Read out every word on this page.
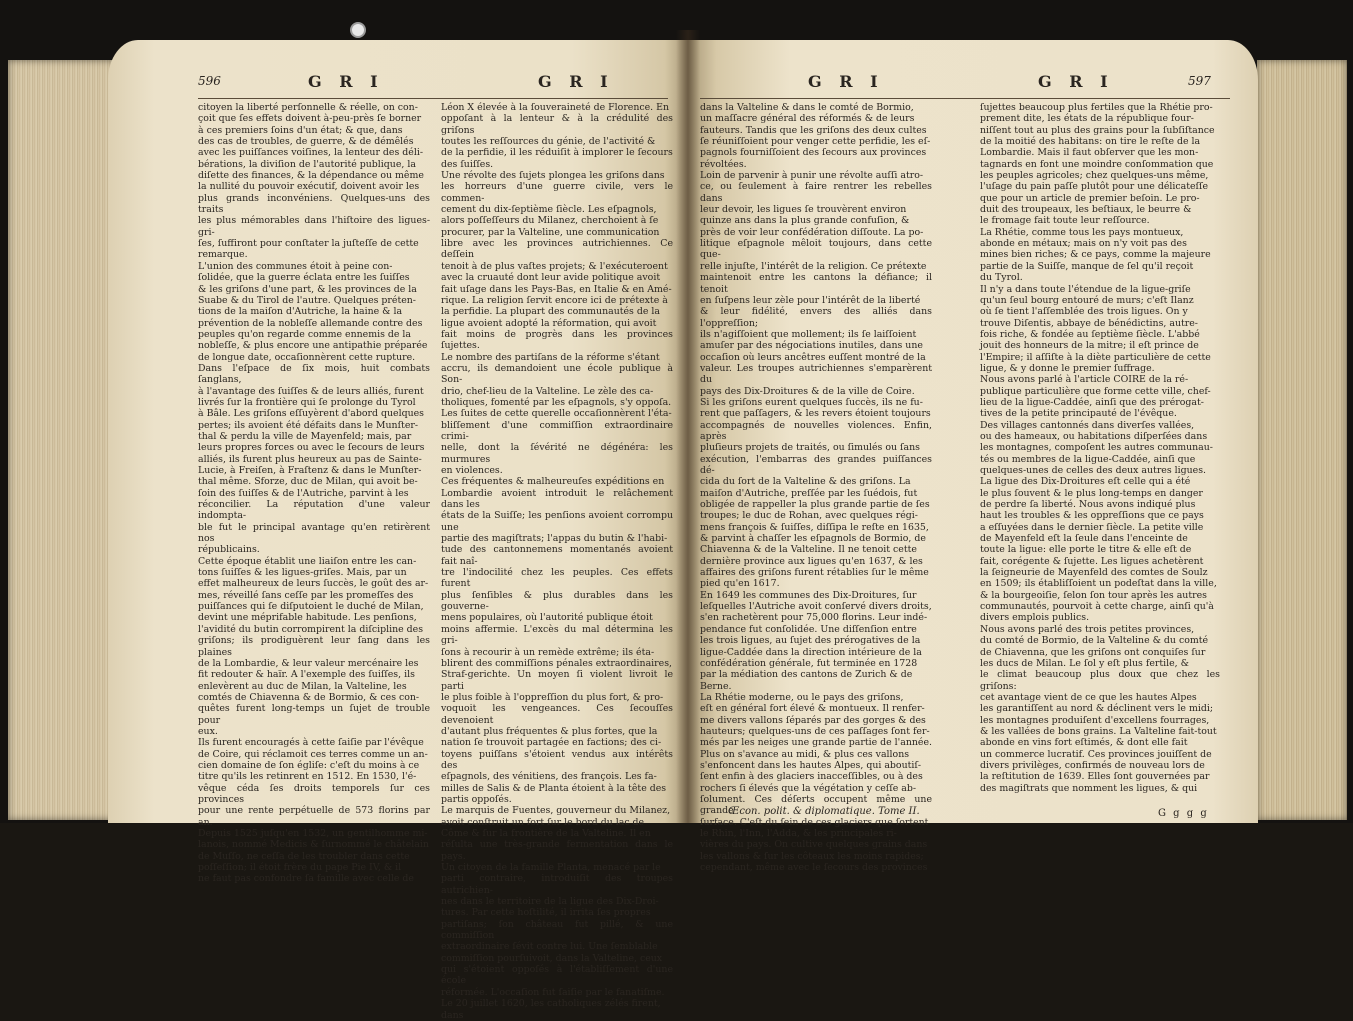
596	G R I	G R I
citoyen la liberté perſonnelle & réelle, on con-
çoit que ſes effets doivent à-peu-près ſe borner
à ces premiers ſoins d'un état; & que, dans
des cas de troubles, de guerre, & de démêlés
avec les puiſſances voiſines, la lenteur des déli-
bérations, la diviſion de l'autorité publique, la
diſette des finances, & la dépendance ou même
la nullité du pouvoir exécutif, doivent avoir les
plus grands inconvéniens. Quelques-uns des traits
les plus mémorables dans l'hiſtoire des ligues-gri-
ſes, ſuffiront pour conſtater la juſteſſe de cette
remarque.
L'union des communes étoit à peine con-
ſolidée, que la guerre éclata entre les ſuiſſes
& les griſons d'une part, & les provinces de la
Suabe & du Tirol de l'autre. Quelques préten-
tions de la maiſon d'Autriche, la haine & la
prévention de la nobleſſe allemande contre des
peuples qu'on regarde comme ennemis de la
nobleſſe, & plus encore une antipathie préparée
de longue date, occaſionnèrent cette rupture.
Dans l'eſpace de ſix mois, huit combats ſanglans,
à l'avantage des ſuiſſes & de leurs alliés, furent
livrés ſur la frontière qui ſe prolonge du Tyrol
à Bâle. Les griſons eſſuyèrent d'abord quelques
pertes; ils avoient été défaits dans le Munſter-
thal & perdu la ville de Mayenfeld; mais, par
leurs propres forces ou avec le ſecours de leurs
alliés, ils furent plus heureux au pas de Sainte-
Lucie, à Freiſen, à Fraſtenz & dans le Munſter-
thal même. Sforze, duc de Milan, qui avoit be-
ſoin des ſuiſſes & de l'Autriche, parvint à les
réconcilier. La réputation d'une valeur indompta-
ble fut le principal avantage qu'en retirèrent nos
républicains.
Cette époque établit une liaiſon entre les can-
tons ſuiſſes & les ligues-griſes. Mais, par un
effet malheureux de leurs ſuccès, le goût des ar-
mes, réveillé ſans ceſſe par les promeſſes des
puiſſances qui ſe diſputoient le duché de Milan,
devint une méprifable habitude. Les penſions,
l'avidité du butin corrompirent la diſcipline des
griſons; ils prodiguèrent leur ſang dans les plaines
de la Lombardie, & leur valeur mercénaire les
fit redouter & haïr. A l'exemple des ſuiſſes, ils
enlevèrent au duc de Milan, la Valteline, les
comtés de Chiavenna & de Bormio, & ces con-
quêtes furent long-temps un ſujet de trouble pour
eux.
Ils furent encouragés à cette ſaiſie par l'évêque
de Coire, qui réclamoit ces terres comme un an-
cien domaine de ſon égliſe: c'eſt du moins à ce
titre qu'ils les retinrent en 1512. En 1530, l'é-
vêque céda ſes droits temporels ſur ces provinces
pour une rente perpétuelle de 573 florins par an.
Depuis 1525 juſqu'en 1532, un gentilhomme mi-
lanois, nommé Medicis & ſurnommé le châtelain
de Muſſo, ne ceſſa de les troubler dans cette
poſſeſſion; il étoit frère du pape Pie IV, & il
ne faut pas confondre ſa famille avec celle de
Léon X élevée à la ſouveraineté de Florence. En
oppoſant à la lenteur & à la crédulité des griſons
toutes les reſſources du génie, de l'activité &
de la perfidie, il les réduiſit à implorer le ſecours
des ſuiſſes.
Une révolte des ſujets plongea les griſons dans
les horreurs d'une guerre civile, vers le commen-
cement du dix-ſeptième ſiècle. Les eſpagnols,
alors poſſeſſeurs du Milanez, cherchoient à ſe
procurer, par la Valteline, une communication
libre avec les provinces autrichiennes. Ce deſſein
tenoit à de plus vaſtes projets; & l'exécuteroent
avec la cruauté dont leur avide politique avoit
fait uſage dans les Pays-Bas, en Italie & en Amé-
rique. La religion ſervit encore ici de prétexte à
la perfidie. La plupart des communautés de la
ligue avoient adopté la réformation, qui avoit
fait moins de progrès dans les provinces ſujettes.
Le nombre des partiſans de la réforme s'étant
accru, ils demandoient une école publique à Son-
drio, chef-lieu de la Valteline. Le zèle des ca-
tholiques, fomenté par les eſpagnols, s'y oppoſa.
Les ſuites de cette querelle occaſionnèrent l'éta-
bliſſement d'une commiſſion extraordinaire crimi-
nelle, dont la ſévérité ne dégénéra: les murmures
en violences.
Ces fréquentes & malheureuſes expéditions en
Lombardie avoient introduit le relâchement dans les
états de la Suiſſe; les penſions avoient corrompu une
partie des magiſtrats; l'appas du butin & l'habi-
tude des cantonnemens momentanés avoient fait naî-
tre l'indocilité chez les peuples. Ces effets furent
plus ſenſibles & plus durables dans les gouverne-
mens populaires, où l'autorité publique étoit
moins affermie. L'excès du mal détermina les gri-
ſons à recourir à un remède extrême; ils éta-
blirent des commiſſions pénales extraordinaires,
Straf-gerichte. Un moyen ſi violent livroit le parti
le plus foible à l'oppreſſion du plus fort, & pro-
voquoit les vengeances. Ces ſecouſſes devenoient
d'autant plus fréquentes & plus fortes, que la
nation ſe trouvoit partagée en factions; des ci-
toyens puiſſans s'étoient vendus aux intérêts des
eſpagnols, des vénitiens, des françois. Les fa-
milles de Salis & de Planta étoient à la tête des
partis oppoſés.
Le marquis de Fuentes, gouverneur du Milanez,
avoit conſtruit un fort ſur le bord du lac de
Côme & ſur la frontière de la Valteline. Il en
réſulta une très-grande fermentation dans le pays.
Un citoyen de la famille Planta, menacé par le
parti contraire, introduiſit des troupes autrichien-
nes dans le territoire de la ligue des Dix-Droi-
tures. Par cette hoſtilité, il irrita ſes propres
partiſans; ſon château fut pillé, & une commiſſion
extraordinaire ſévit contre lui. Une ſemblable
commiſſion pourſuivoit, dans la Valteline, ceux
qui s'étoient oppoſés à l'établiſſement d'une école
réformée. L'occaſion fut ſaiſie par le fanatiſme.
Le 20 juillet 1620, les catholiques zélés firent,
dans
G R I	G R I	597
dans la Valteline & dans le comté de Bormio,
un maſſacre général des réformés & de leurs
fauteurs. Tandis que les griſons des deux cultes
ſe réuniſſoient pour venger cette perfidie, les eſ-
pagnols fourniſſoient des ſecours aux provinces
révoltées.
Loin de parvenir à punir une révolte auſſi atro-
ce, ou ſeulement à faire rentrer les rebelles dans
leur devoir, les ligues ſe trouvèrent environ
quinze ans dans la plus grande confuſion, &
près de voir leur confédération diſſoute. La po-
litique eſpagnole mêloit toujours, dans cette que-
relle injuſte, l'intérêt de la religion. Ce prétexte
maintenoit entre les cantons la défiance; il tenoit
en ſuſpens leur zèle pour l'intérêt de la liberté
& leur fidélité, envers des alliés dans l'oppreſſion;
ils n'agiſſoient que mollement; ils ſe laiſſoient
amuſer par des négociations inutiles, dans une
occaſion où leurs ancêtres euſſent montré de la
valeur. Les troupes autrichiennes s'emparèrent du
pays des Dix-Droitures & de la ville de Coire.
Si les griſons eurent quelques ſuccès, ils ne fu-
rent que paſſagers, & les revers étoient toujours
accompagnés de nouvelles violences. Enfin, après
pluſieurs projets de traités, ou ſimulés ou ſans
exécution, l'embarras des grandes puiſſances dé-
cida du ſort de la Valteline & des griſons. La
maiſon d'Autriche, preſſée par les ſuédois, fut
obligée de rappeller la plus grande partie de ſes
troupes; le duc de Rohan, avec quelques régi-
mens françois & ſuiſſes, diſſipa le reſte en 1635,
& parvint à chaſſer les eſpagnols de Bormio, de
Chiavenna & de la Valteline. Il ne tenoit cette
dernière province aux ligues qu'en 1637, & les
affaires des griſons furent rétablies ſur le même
pied qu'en 1617.
En 1649 les communes des Dix-Droitures, ſur
leſquelles l'Autriche avoit conſervé divers droits,
s'en rachetèrent pour 75,000 florins. Leur indé-
pendance fut conſolidée. Une diſſenſion entre
les trois ligues, au ſujet des prérogatives de la
ligue-Caddée dans la direction intérieure de la
confédération générale, fut terminée en 1728
par la médiation des cantons de Zurich & de
Berne.
La Rhétie moderne, ou le pays des griſons,
eſt en général fort élevé & montueux. Il renfer-
me divers vallons ſéparés par des gorges & des
hauteurs; quelques-uns de ces paſſages ſont fer-
més par les neiges une grande partie de l'année.
Plus on s'avance au midi, & plus ces vallons
s'enfoncent dans les hautes Alpes, qui aboutiſ-
ſent enfin à des glaciers inacceſſibles, ou à des
rochers ſi élevés que la végétation y ceſſe ab-
ſolument. Ces déſerts occupent même une grande
ſurface. C'eſt du ſein de ces glaciers que ſortent
le Rhin, l'Inn, l'Adda, & les principales ri-
vières du pays. On cultive quelques grains dans
les vallons & ſur les côteaux les moins rapides;
cependant, même avec le ſecours des provinces
ſujettes beaucoup plus fertiles que la Rhétie pro-
prement dite, les états de la république four-
niſſent tout au plus des grains pour la ſubſiſtance
de la moitié des habitans: on tire le reſte de la
Lombardie. Mais il faut obſerver que les mon-
tagnards en font une moindre conſommation que
les peuples agricoles; chez quelques-uns même,
l'uſage du pain paſſe plutôt pour une délicateſſe
que pour un article de premier beſoin. Le pro-
duit des troupeaux, les beſtiaux, le beurre &
le fromage fait toute leur reſſource.
La Rhétie, comme tous les pays montueux,
abonde en métaux; mais on n'y voit pas des
mines bien riches; & ce pays, comme la majeure
partie de la Suiſſe, manque de ſel qu'il reçoit
du Tyrol.
Il n'y a dans toute l'étendue de la ligue-griſe
qu'un ſeul bourg entouré de murs; c'eſt Ilanz
où ſe tient l'aſſemblée des trois ligues. On y
trouve Diſentis, abbaye de bénédictins, autre-
fois riche, & fondée au ſeptième ſiècle. L'abbé
jouit des honneurs de la mitre; il eſt prince de
l'Empire; il aſſiſte à la diète particulière de cette
ligue, & y donne le premier ſuffrage.
Nous avons parlé à l'article COIRE de la ré-
publique particulière que forme cette ville, chef-
lieu de la ligue-Caddée, ainſi que des prérogat-
tives de la petite principauté de l'évêque.
Des villages cantonnés dans diverſes vallées,
ou des hameaux, ou habitations diſperſées dans
les montagnes, compoſent les autres communau-
tés ou membres de la ligue-Caddée, ainſi que
quelques-unes de celles des deux autres ligues.
La ligue des Dix-Droitures eſt celle qui a été
le plus ſouvent & le plus long-temps en danger
de perdre ſa liberté. Nous avons indiqué plus
haut les troubles & les oppreſſions que ce pays
a eſſuyées dans le dernier ſiècle. La petite ville
de Mayenfeld eſt la ſeule dans l'enceinte de
toute la ligue: elle porte le titre & elle eſt de
fait, corégente & ſujette. Les ligues achetèrent
la ſeigneurie de Mayenfeld des comtes de Soulz
en 1509; ils établiſſoient un podeſtat dans la ville,
& la bourgeoiſie, ſelon ſon tour après les autres
communautés, pourvoit à cette charge, ainſi qu'à
divers emplois publics.
Nous avons parlé des trois petites provinces,
du comté de Bormio, de la Valteline & du comté
de Chiavenna, que les griſons ont conquiſes ſur
les ducs de Milan. Le ſol y eſt plus fertile, &
le climat beaucoup plus doux que chez les griſons:
cet avantage vient de ce que les hautes Alpes
les garantiſſent au nord & déclinent vers le midi;
les montagnes produiſent d'excellens fourrages,
& les vallées de bons grains. La Valteline fait-tout
abonde en vins fort eſtimés, & dont elle fait
un commerce lucratif. Ces provinces jouiſſent de
divers privilèges, confirmés de nouveau lors de
la reſtitution de 1639. Elles ſont gouvernées par
des magiſtrats que nomment les ligues, & qui
Œcon. polit. & diplomatique. Tome II.	G g g g
